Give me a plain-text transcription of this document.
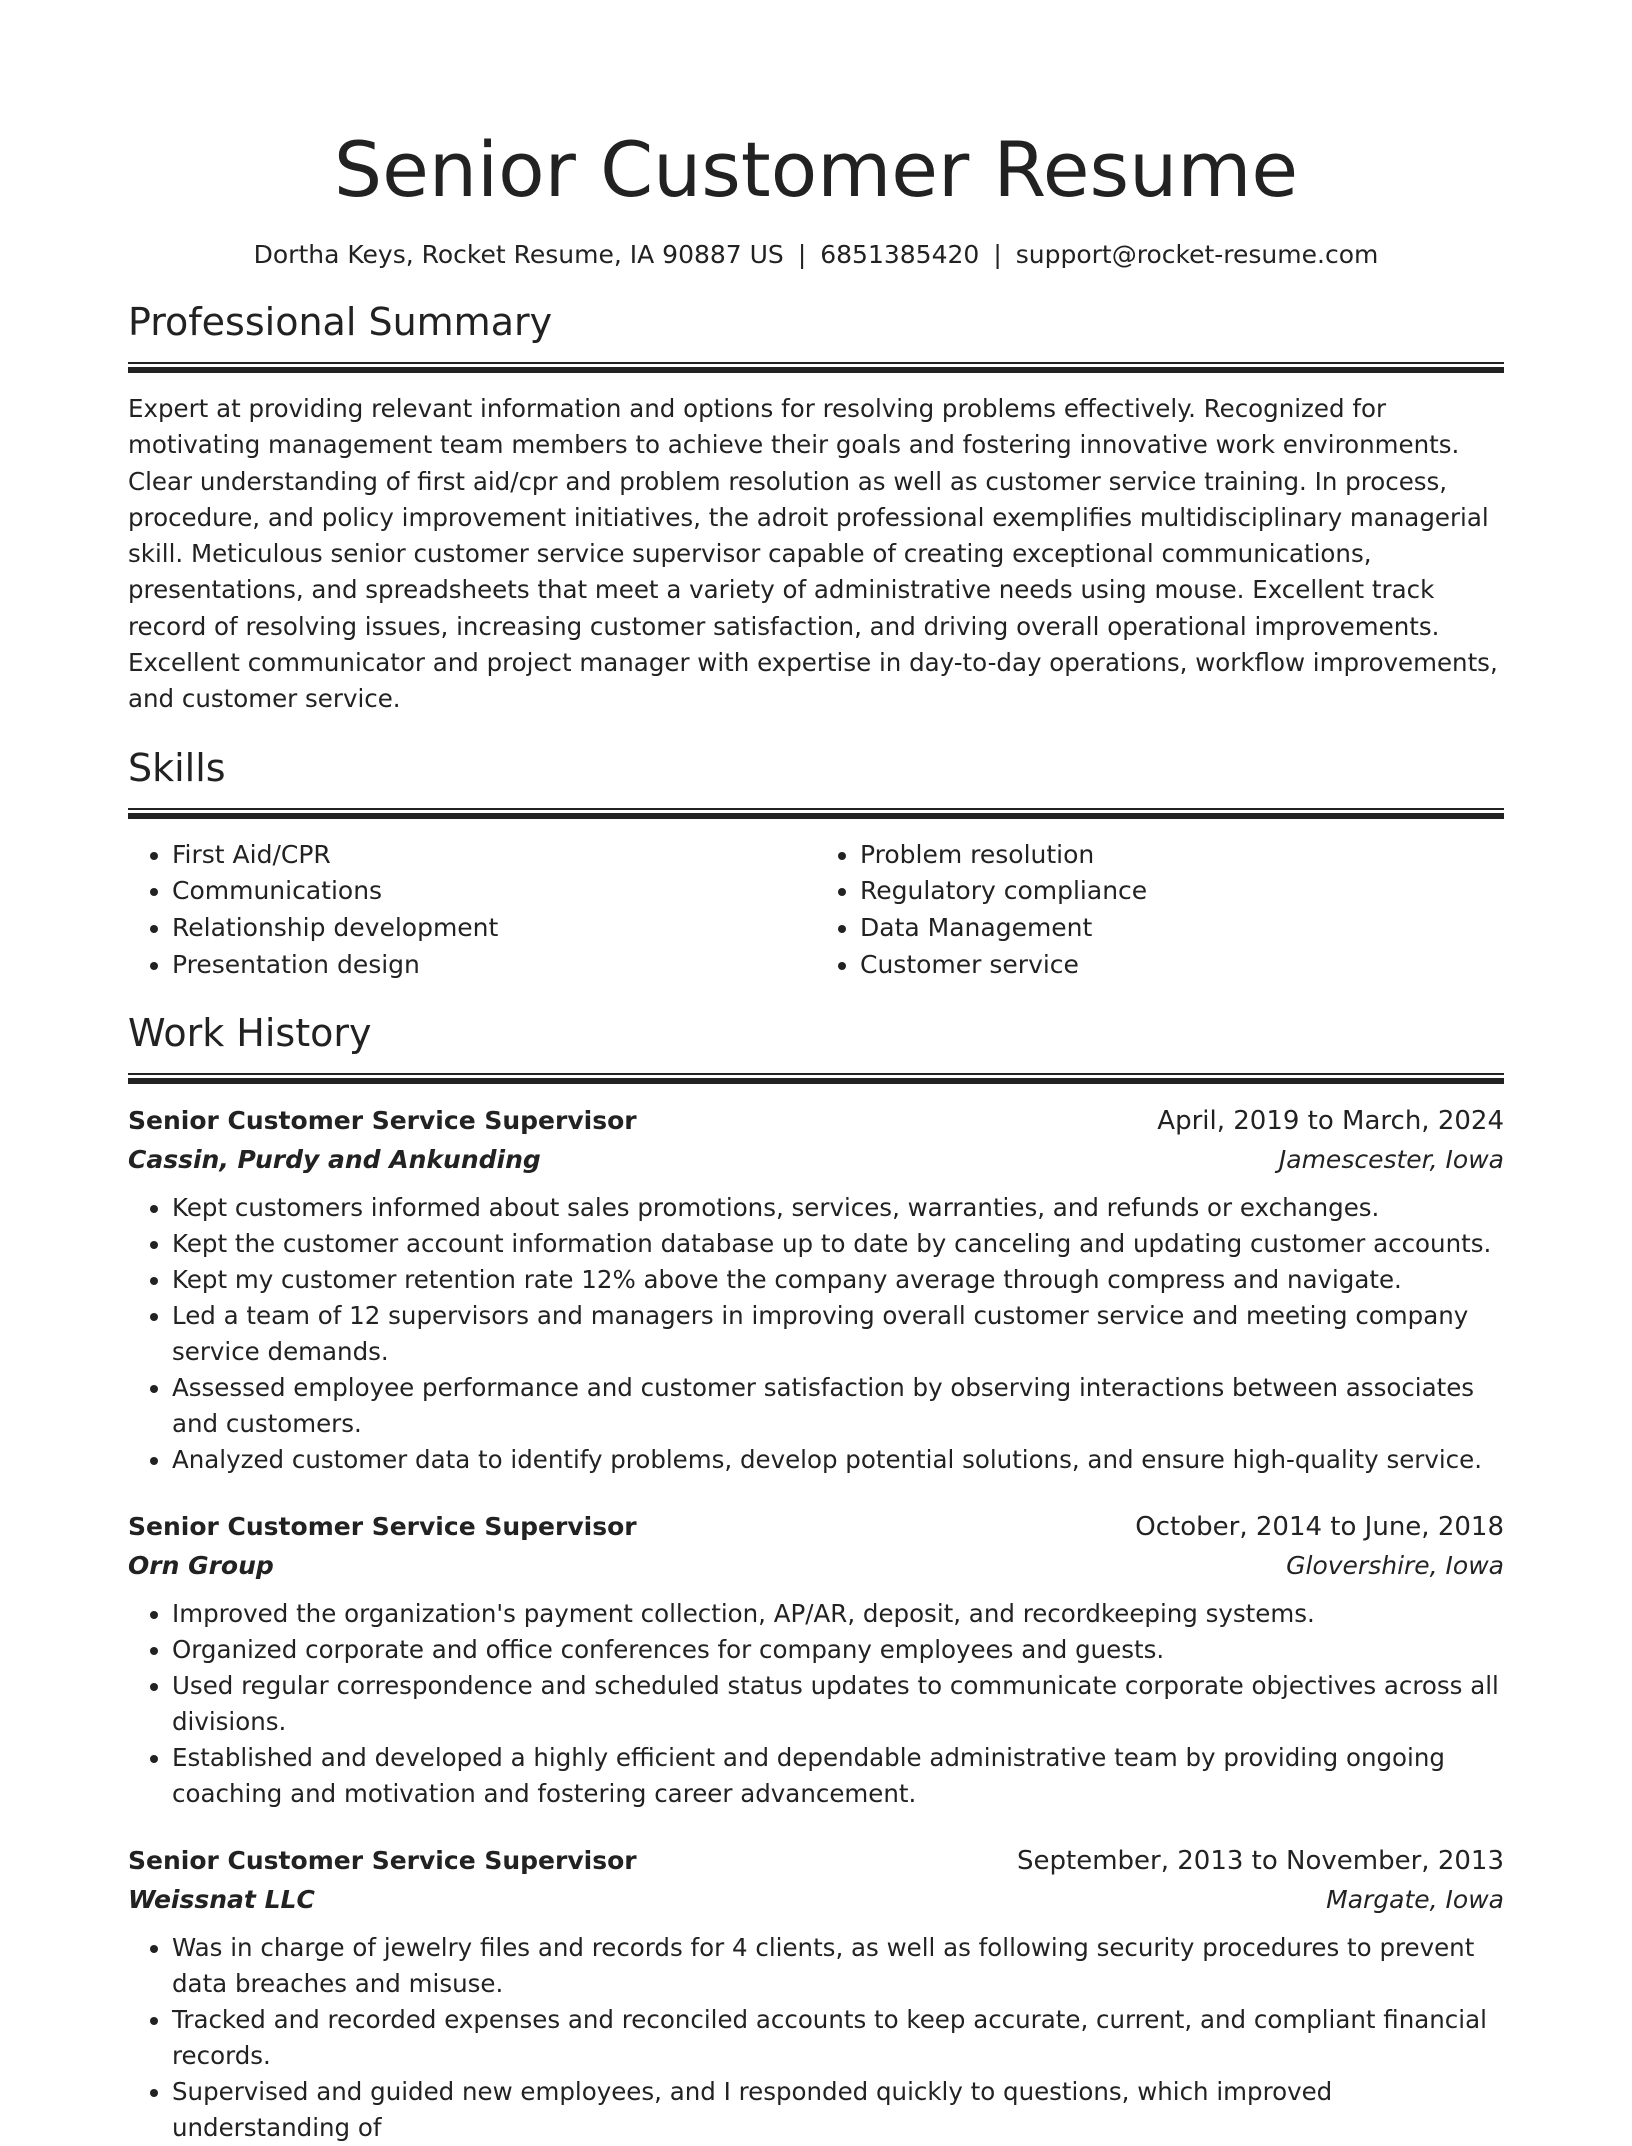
Senior Customer Resume
Dortha Keys, Rocket Resume, IA 90887 US | 6851385420 | support@rocket-resume.com
Professional Summary

Expert at providing relevant information and options for resolving problems effectively. Recognized for motivating management team members to achieve their goals and fostering innovative work environments. Clear understanding of first aid/cpr and problem resolution as well as customer service training. In process, procedure, and policy improvement initiatives, the adroit professional exemplifies multidisciplinary managerial skill. Meticulous senior customer service supervisor capable of creating exceptional communications, presentations, and spreadsheets that meet a variety of administrative needs using mouse. Excellent track record of resolving issues, increasing customer satisfaction, and driving overall operational improvements. Excellent communicator and project manager with expertise in day-to-day operations, workflow improvements, and customer service.

Skills
• First Aid/CPR
• Communications
• Relationship development
• Presentation design
• Problem resolution
• Regulatory compliance
• Data Management
• Customer service
Work History
Senior Customer Service Supervisor	April, 2019 to March, 2024
Cassin, Purdy and Ankunding	Jamescester, Iowa
• Kept customers informed about sales promotions, services, warranties, and refunds or exchanges.
• Kept the customer account information database up to date by canceling and updating customer accounts.
• Kept my customer retention rate 12% above the company average through compress and navigate.
• Led a team of 12 supervisors and managers in improving overall customer service and meeting company service demands.
• Assessed employee performance and customer satisfaction by observing interactions between associates and customers.
• Analyzed customer data to identify problems, develop potential solutions, and ensure high-quality service.
Senior Customer Service Supervisor	October, 2014 to June, 2018
Orn Group	Glovershire, Iowa
• Improved the organization's payment collection, AP/AR, deposit, and recordkeeping systems.
• Organized corporate and office conferences for company employees and guests.
• Used regular correspondence and scheduled status updates to communicate corporate objectives across all divisions.
• Established and developed a highly efficient and dependable administrative team by providing ongoing coaching and motivation and fostering career advancement.
Senior Customer Service Supervisor	September, 2013 to November, 2013
Weissnat LLC	Margate, Iowa
• Was in charge of jewelry files and records for 4 clients, as well as following security procedures to prevent data breaches and misuse.
• Tracked and recorded expenses and reconciled accounts to keep accurate, current, and compliant financial records.
• Supervised and guided new employees, and I responded quickly to questions, which improved understanding of
